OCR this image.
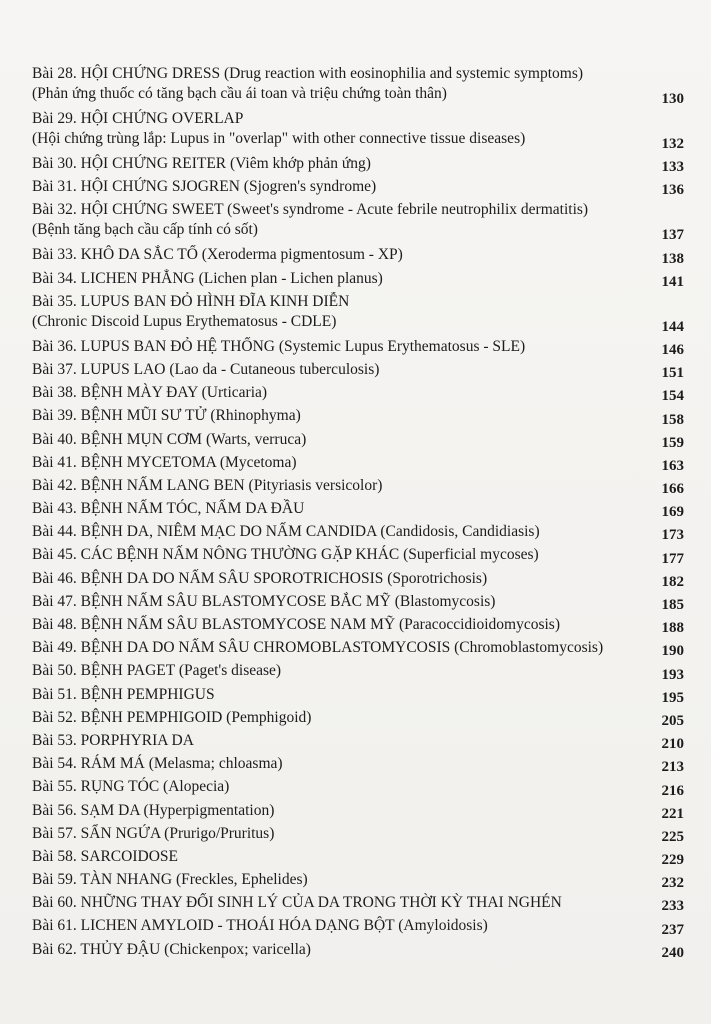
Bài 28. HỘI CHỨNG DRESS (Drug reaction with eosinophilia and systemic symptoms)
(Phản ứng thuốc có tăng bạch cầu ái toan và triệu chứng toàn thân)	130
Bài 29. HỘI CHỨNG OVERLAP
(Hội chứng trùng lắp: Lupus in "overlap" with other connective tissue diseases)	132
Bài 30. HỘI CHỨNG REITER (Viêm khớp phản ứng)	133
Bài 31. HỘI CHỨNG SJOGREN (Sjogren's syndrome)	136
Bài 32. HỘI CHỨNG SWEET (Sweet's syndrome - Acute febrile neutrophilix dermatitis)
(Bệnh tăng bạch cầu cấp tính có sốt)	137
Bài 33. KHÔ DA SẮC TỐ (Xeroderma pigmentosum - XP)	138
Bài 34. LICHEN PHẲNG (Lichen plan - Lichen planus)	141
Bài 35. LUPUS BAN ĐỎ HÌNH ĐĨA KINH DIỄN
(Chronic Discoid Lupus Erythematosus - CDLE)	144
Bài 36. LUPUS BAN ĐỎ HỆ THỐNG (Systemic Lupus Erythematosus - SLE)	146
Bài 37. LUPUS LAO (Lao da - Cutaneous tuberculosis)	151
Bài 38. BỆNH MÀY ĐAY (Urticaria)	154
Bài 39. BỆNH MŨI SƯ TỬ (Rhinophyma)	158
Bài 40. BỆNH MỤN CƠM (Warts, verruca)	159
Bài 41. BỆNH MYCETOMA (Mycetoma)	163
Bài 42. BỆNH NẤM LANG BEN (Pityriasis versicolor)	166
Bài 43. BỆNH NẤM TÓC, NẤM DA ĐẦU	169
Bài 44. BỆNH DA, NIÊM MẠC DO NẤM CANDIDA (Candidosis, Candidiasis)	173
Bài 45. CÁC BỆNH NẤM NÔNG THƯỜNG GẶP KHÁC (Superficial mycoses)	177
Bài 46. BỆNH DA DO NẤM SÂU SPOROTRICHOSIS (Sporotrichosis)	182
Bài 47. BỆNH NẤM SÂU BLASTOMYCOSE BẮC MỸ (Blastomycosis)	185
Bài 48. BỆNH NẤM SÂU BLASTOMYCOSE NAM MỸ (Paracoccidioidomycosis)	188
Bài 49. BỆNH DA DO NẤM SÂU CHROMOBLASTOMYCOSIS (Chromoblastomycosis)	190
Bài 50. BỆNH PAGET (Paget's disease)	193
Bài 51. BỆNH PEMPHIGUS	195
Bài 52. BỆNH PEMPHIGOID (Pemphigoid)	205
Bài 53. PORPHYRIA DA	210
Bài 54. RÁM MÁ (Melasma; chloasma)	213
Bài 55. RỤNG TÓC (Alopecia)	216
Bài 56. SẠM DA (Hyperpigmentation)	221
Bài 57. SẨN NGỨA (Prurigo/Pruritus)	225
Bài 58. SARCOIDOSE	229
Bài 59. TÀN NHANG (Freckles, Ephelides)	232
Bài 60. NHỮNG THAY ĐỔI SINH LÝ CỦA DA TRONG THỜI KỲ THAI NGHÉN	233
Bài 61. LICHEN AMYLOID - THOÁI HÓA DẠNG BỘT (Amyloidosis)	237
Bài 62. THỦY ĐẬU (Chickenpox; varicella)	240
